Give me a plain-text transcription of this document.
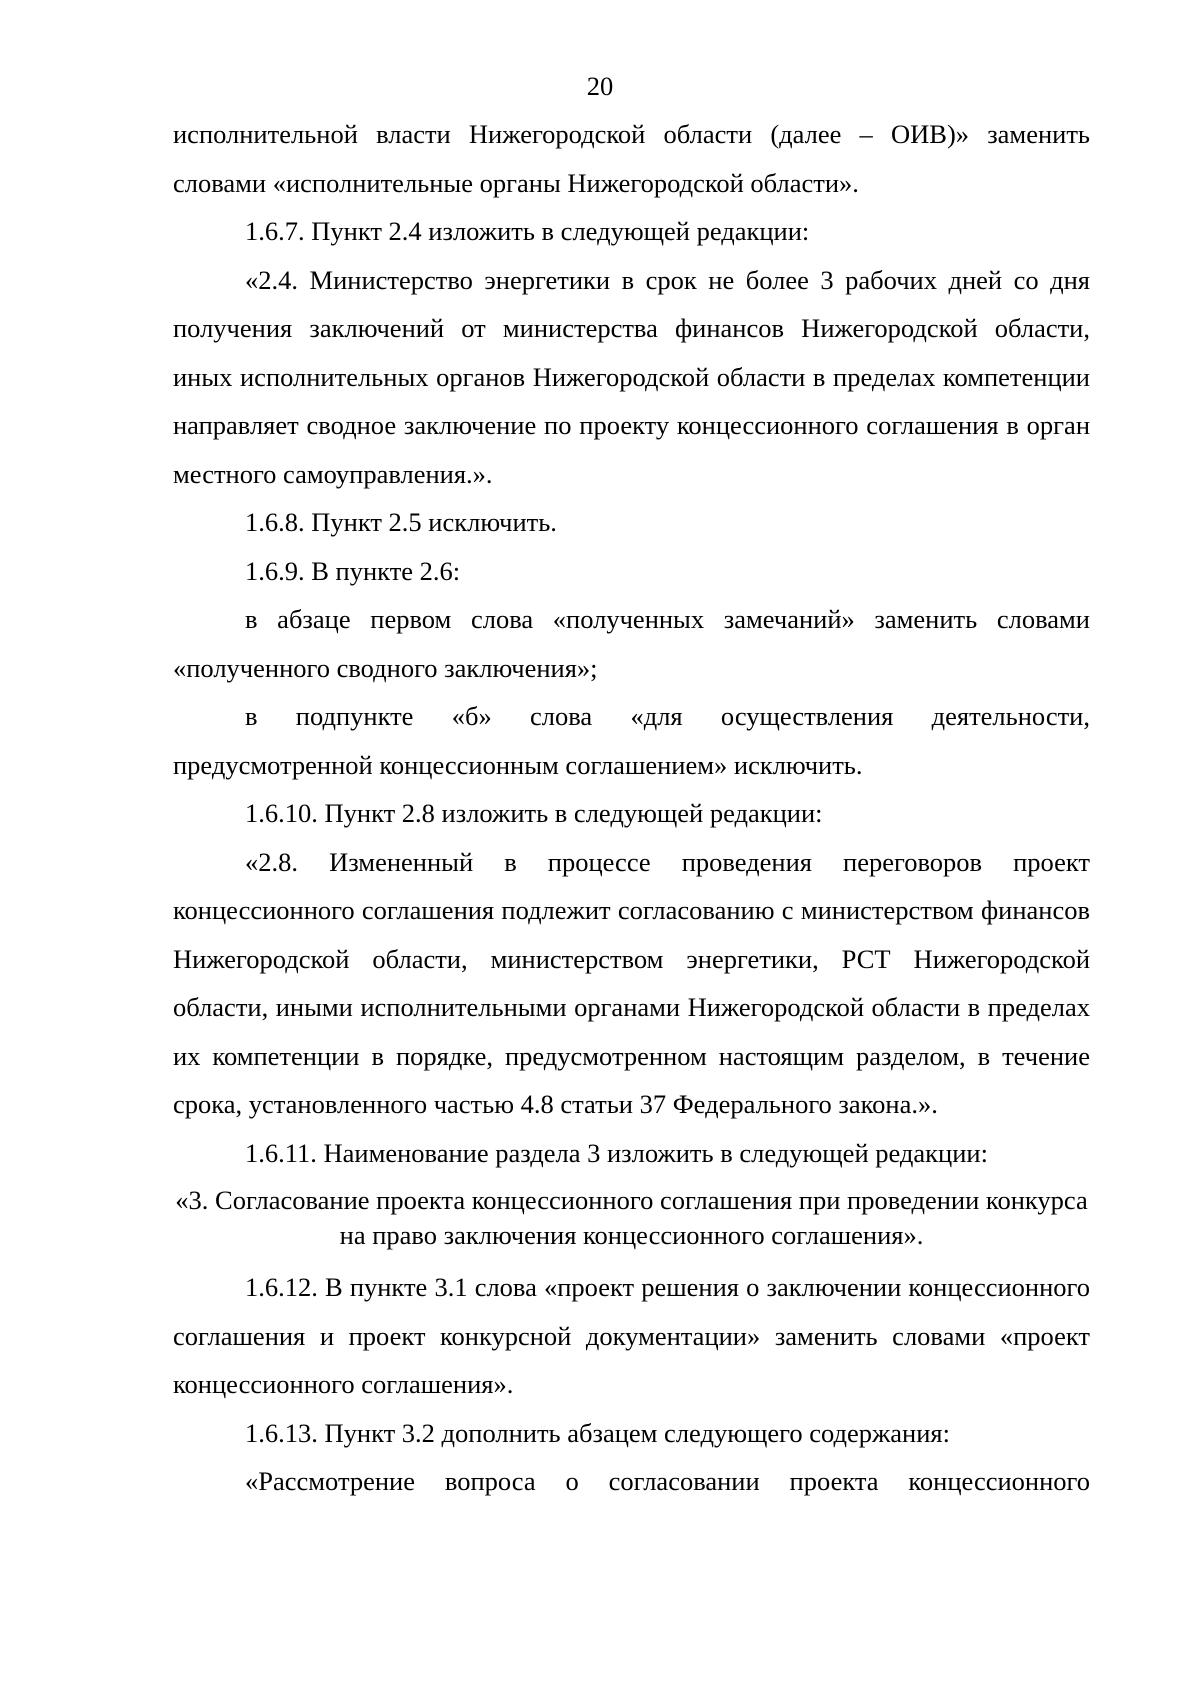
20

исполнительной власти Нижегородской области (далее – ОИВ)» заменить словами «исполнительные органы Нижегородской области».

1.6.7. Пункт 2.4 изложить в следующей редакции:

«2.4. Министерство энергетики в срок не более 3 рабочих дней со дня получения заключений от министерства финансов Нижегородской области, иных исполнительных органов Нижегородской области в пределах компетенции направляет сводное заключение по проекту концессионного соглашения в орган местного самоуправления.».

1.6.8. Пункт 2.5 исключить.

1.6.9. В пункте 2.6:

в абзаце первом слова «полученных замечаний» заменить словами «полученного сводного заключения»;

в подпункте «б» слова «для осуществления деятельности, предусмотренной концессионным соглашением» исключить.

1.6.10. Пункт 2.8 изложить в следующей редакции:

«2.8. Измененный в процессе проведения переговоров проект концессионного соглашения подлежит согласованию с министерством финансов Нижегородской области, министерством энергетики, РСТ Нижегородской области, иными исполнительными органами Нижегородской области в пределах их компетенции в порядке, предусмотренном настоящим разделом, в течение срока, установленного частью 4.8 статьи 37 Федерального закона.».

1.6.11. Наименование раздела 3 изложить в следующей редакции:

«3. Согласование проекта концессионного соглашения при проведении конкурса на право заключения концессионного соглашения».

1.6.12. В пункте 3.1 слова «проект решения о заключении концессионного соглашения и проект конкурсной документации» заменить словами «проект концессионного соглашения».

1.6.13. Пункт 3.2 дополнить абзацем следующего содержания:

«Рассмотрение вопроса о согласовании проекта концессионного
